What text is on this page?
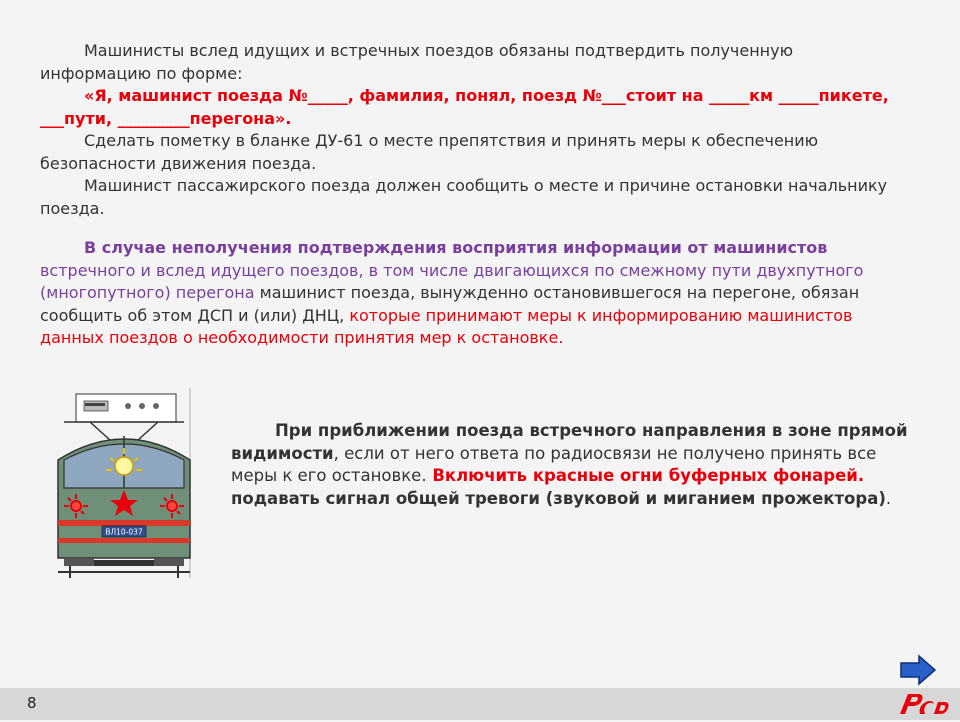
Машинисты вслед идущих и встречных поездов обязаны подтвердить полученную информацию по форме:

«Я, машинист поезда №_____, фамилия, понял, поезд №___стоит на _____км _____пикете, ___пути, _________перегона».

Сделать пометку в бланке ДУ-61 о месте препятствия и принять меры к обеспечению безопасности движения поезда.

Машинист пассажирского поезда должен сообщить о месте и причине остановки начальнику поезда.

В случае неполучения подтверждения восприятия информации от машинистов встречного и вслед идущего поездов, в том числе двигающихся по смежному пути двухпутного (многопутного) перегона машинист поезда, вынужденно остановившегося на перегоне, обязан сообщить об этом ДСП и (или) ДНЦ, которые принимают меры к информированию машинистов данных поездов о необходимости принятия мер к остановке.

ВЛ10-037

При приближении поезда встречного направления в зоне прямой видимости, если от него ответа по радиосвязи не получено принять все меры к его остановке. Включить красные огни буферных фонарей. подавать сигнал общей тревоги (звуковой и миганием прожектора).

8
